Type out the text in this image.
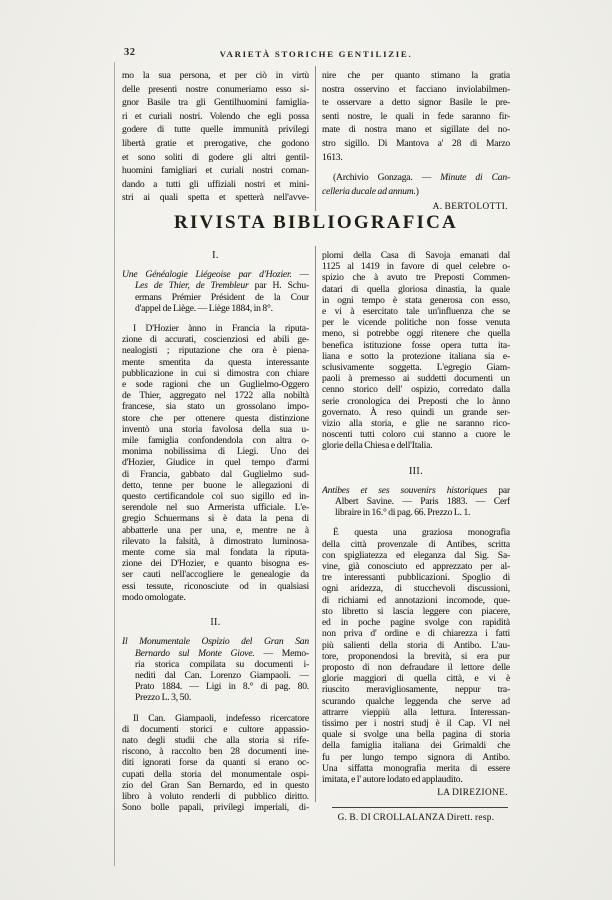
32	VARIETÀ STORICHE GENTILIZIE.
mo la sua persona, et per ciò in virtù
delle presenti nostre conumeriamo esso si-
gnor Basile tra gli Gentilhuomini famiglia-
ri et curiali nostri. Volendo che egli possa
godere di tutte quelle immunità privilegi
libertà gratie et prerogative, che godono
et sono soliti di godere gli altri gentil-
huomini famigliari et curiali nostri coman-
dando a tutti gli uffiziali nostri et mini-
stri ai quali spetta et spetterà nell'avve-
nire che per quanto stimano la gratia
nostra osservino et facciano inviolabilmen-
te osservare a detto signor Basile le pre-
senti nostre, le quali in fede saranno fir-
mate di nostra mano et sigillate del no-
stro sigillo. Di Mantova a' 28 di Marzo
1613.
(Archivio Gonzaga. — Minute di Can-
celleria ducale ad annum.)
A. BERTOLOTTI.
RIVISTA BIBLIOGRAFICA
I.
Une Généalogie Liégeoise par d'Hozier. —
Les de Thier, de Trembleur par H. Schu-
ermans Prémier Président de la Cour
d'appel de Liège. — Liège 1884, in 8°.
I D'Hozier ànno in Francia la riputa-
zione di accurati, coscienziosi ed abili ge-
nealogisti ; riputazione che ora è piena-
mente smentita da questa interessante
pubblicazione in cui si dimostra con chiare
e sode ragioni che un Guglielmo-Oggero
de Thier, aggregato nel 1722 alla nobiltà
francese, sia stato un grossolano impo-
store che per ottenere questa distinzione
inventò una storia favolosa della sua u-
mile famiglia confondendola con altra o-
monima nobilissima di Liegi. Uno dei
d'Hozier, Giudice in quel tempo d'armi
di Francia, gabbato dal Guglielmo sud-
detto, tenne per buone le allegazioni di
questo certificandole col suo sigillo ed in-
serendole nel suo Armerista ufficiale. L'e-
gregio Schuermans si è data la pena di
abbatterle una per una, e, mentre ne à
rilevato la falsità, à dimostrato luminosa-
mente come sia mal fondata la riputa-
zione dei D'Hozier, e quanto bisogna es-
ser cauti nell'accogliere le genealogie da
essi tessute, riconosciute od in qualsiasi
modo omologate.
II.
Il Monumentale Ospizio del Gran San
Bernardo sul Monte Giove. — Memo-
ria storica compilata su documenti i-
nediti dal Can. Lorenzo Giampaoli. —
Prato 1884. — Ligi in 8.° di pag. 80.
Prezzo L. 3, 50.
Il Can. Giampaoli, indefesso ricercatore
di documenti storici e cultore appassio-
nato degli studii che alla storia si rife-
riscono, à raccolto ben 28 documenti ine-
diti ignorati forse da quanti si erano oc-
cupati della storia del monumentale ospi-
zio del Gran San Bernardo, ed in questo
libro à voluto renderli di pubblico diritto.
Sono bolle papali, privilegi imperiali, di-
plomi della Casa di Savoja emanati dal
1125 al 1419 in favore di quel celebre o-
spizio che à avuto tre Preposti Commen-
datari di quella gloriosa dinastia, la quale
in ogni tempo è stata generosa con esso,
e vi à esercitato tale un'influenza che se
per le vicende politiche non fosse venuta
meno, si potrebbe oggi ritenere che quella
benefica istituzione fosse opera tutta ita-
liana e sotto la protezione italiana sia e-
sclusivamente soggetta. L'egregio Giam-
paoli à premesso ai suddetti documenti un
cenno storico dell' ospizio, corredato dalla
serie cronologica dei Preposti che lo ànno
governato. À reso quindi un grande ser-
vizio alla storia, e glie ne saranno rico-
noscenti tutti coloro cui stanno a cuore le
glorie della Chiesa e dell'Italia.
III.
Antibes et ses souvenirs historiques par
Albert Savine. — Paris 1883. — Cerf
libraire in 16.° di pag. 66. Prezzo L. 1.
È questa una graziosa monografia
della città provenzale di Antibes, scritta
con spigliatezza ed eleganza dal Sig. Sa-
vine, già conosciuto ed apprezzato per al-
tre interessanti pubblicazioni. Spoglio di
ogni aridezza, di stucchevoli discussioni,
di richiami ed annotazioni incomode, que-
sto libretto si lascia leggere con piacere,
ed in poche pagine svolge con rapidità
non priva d' ordine e di chiarezza i fatti
più salienti della storia di Antibo. L'au-
tore, proponendosi la brevità, si era pur
proposto di non defraudare il lettore delle
glorie maggiori di quella città, e vi è
riuscito meravigliosamente, neppur tra-
scurando qualche leggenda che serve ad
attrarre vieppiù alla lettura. Interessan-
tissimo per i nostri studj è il Cap. VI nel
quale si svolge una bella pagina di storia
della famiglia italiana dei Grimaldi che
fu per lungo tempo signora di Antibo.
Una siffatta monografia merita di essere
imitata, e l' autore lodato ed applaudito.
LA DIREZIONE.
G. B. DI CROLLALANZA Dirett. resp.
